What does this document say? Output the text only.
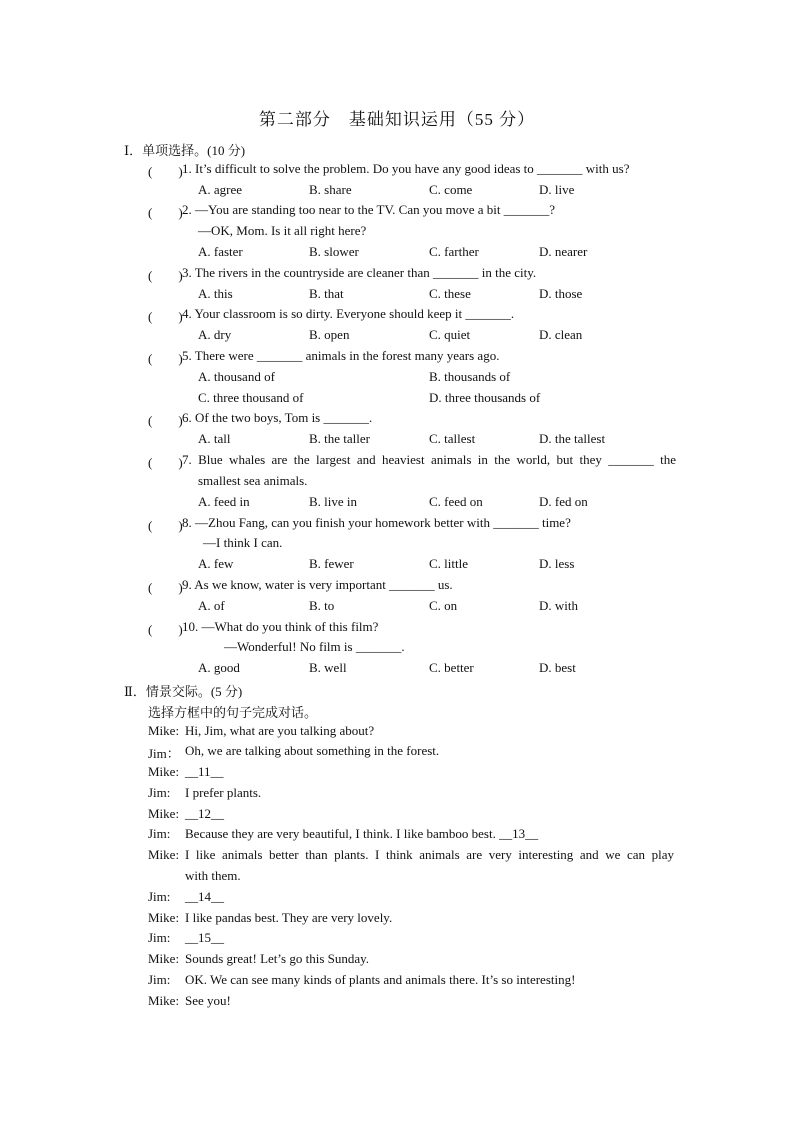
第二部分　基础知识运用（55 分）
Ⅰ．单项选择。(10 分)
(　　) 1. It’s difficult to solve the problem. Do you have any good ideas to _______ with us?
A. agree	B. share	C. come	D. live
(　　) 2. —You are standing too near to the TV. Can you move a bit _______?
—OK, Mom. Is it all right here?
A. faster	B. slower	C. farther	D. nearer
(　　) 3. The rivers in the countryside are cleaner than _______ in the city.
A. this	B. that	C. these	D. those
(　　) 4. Your classroom is so dirty. Everyone should keep it _______.
A. dry	B. open	C. quiet	D. clean
(　　) 5. There were _______ animals in the forest many years ago.
A. thousand of	B. thousands of
C. three thousand of	D. three thousands of
(　　) 6. Of the two boys, Tom is _______.
A. tall	B. the taller	C. tallest	D. the tallest
(　　) 7. Blue whales are the largest and heaviest animals in the world, but they _______ the
smallest sea animals.
A. feed in	B. live in	C. feed on	D. fed on
(　　) 8. —Zhou Fang, can you finish your homework better with _______ time?
—I think I can.
A. few	B. fewer	C. little	D. less
(　　) 9. As we know, water is very important _______ us.
A. of	B. to	C. on	D. with
(　　) 10. —What do you think of this film?
—Wonderful! No film is _______.
A. good	B. well	C. better	D. best
Ⅱ．情景交际。(5 分)
选择方框中的句子完成对话。
Mike: Hi, Jim, what are you talking about?
Jim： Oh, we are talking about something in the forest.
Mike: __11__
Jim: I prefer plants.
Mike: __12__
Jim: Because they are very beautiful, I think. I like bamboo best. __13__
Mike: I like animals better than plants. I think animals are very interesting and we can play
with them.
Jim: __14__
Mike: I like pandas best. They are very lovely.
Jim: __15__
Mike: Sounds great! Let’s go this Sunday.
Jim: OK. We can see many kinds of plants and animals there. It’s so interesting!
Mike: See you!
